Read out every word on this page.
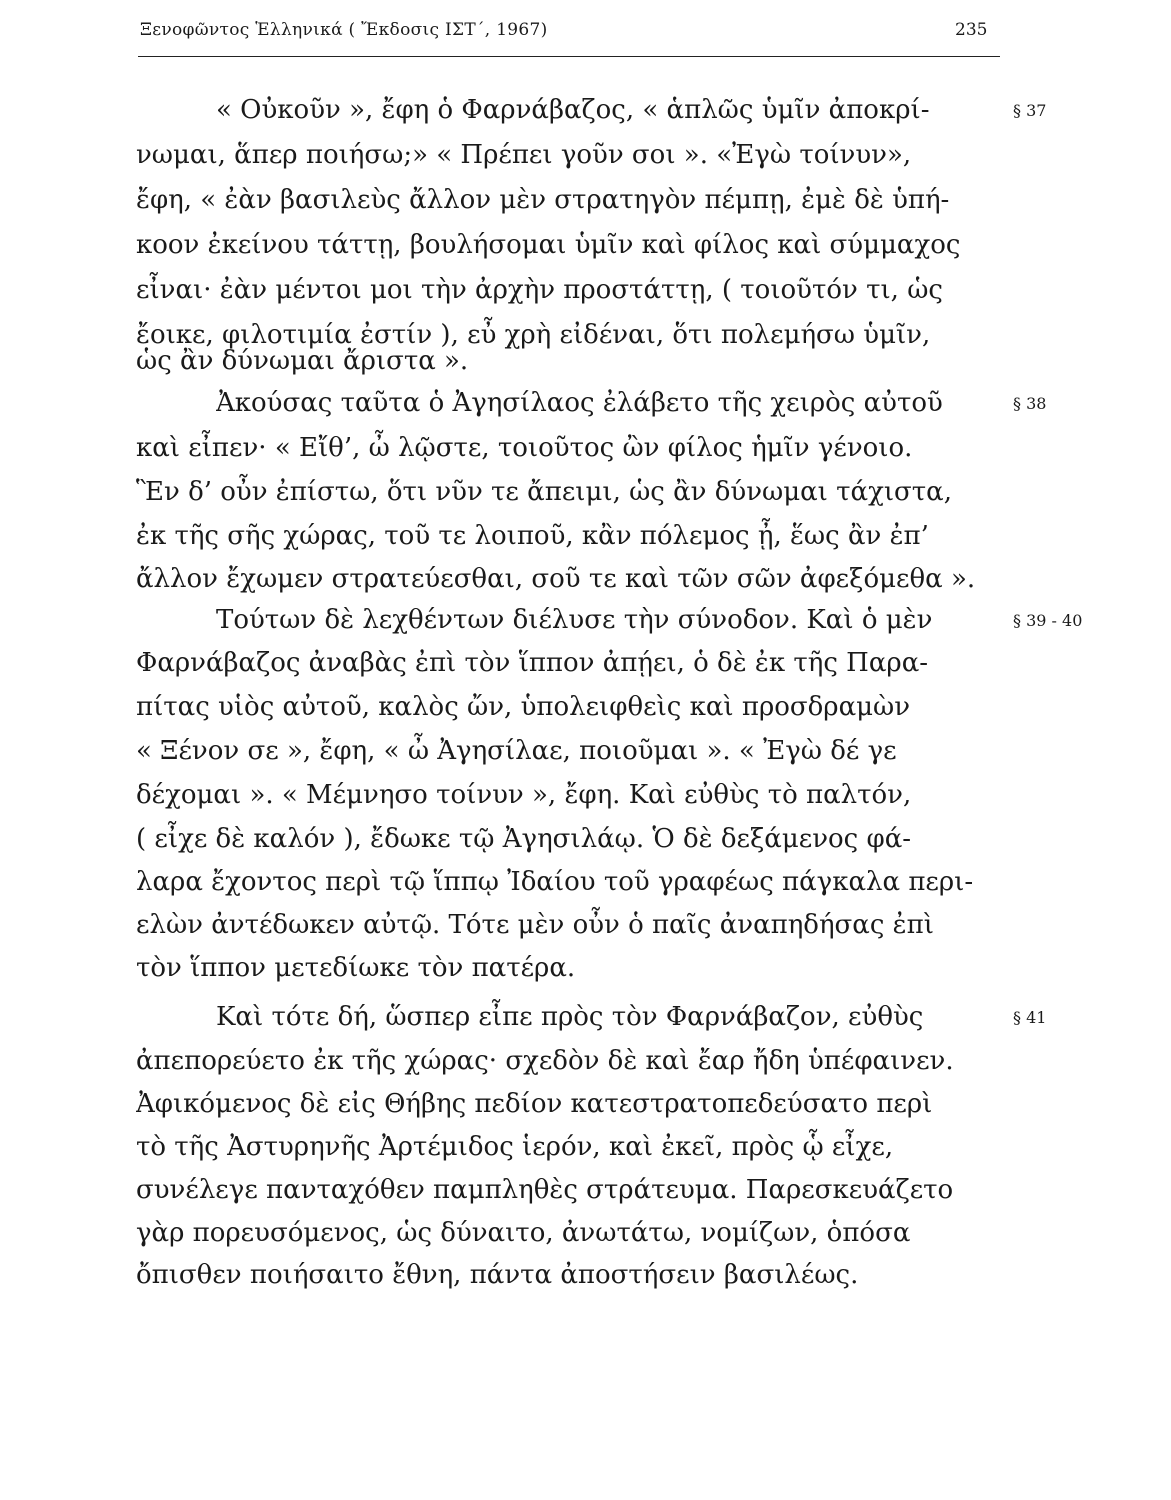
Ξενοφῶντος Ἑλληνικά ( Ἔκδοσις ΙΣΤ΄, 1967)	235
« Οὐκοῦν », ἔφη ὁ Φαρνάβαζος, « ἁπλῶς ὑμῖν ἀποκρί-
νωμαι, ἅπερ ποιήσω;» « Πρέπει γοῦν σοι ». «Ἐγὼ τοίνυν»,
ἔφη, « ἐὰν βασιλεὺς ἄλλον μὲν στρατηγὸν πέμπῃ, ἐμὲ δὲ ὑπή-
κοον ἐκείνου τάττῃ, βουλήσομαι ὑμῖν καὶ φίλος καὶ σύμμαχος
εἶναι· ἐὰν μέντοι μοι τὴν ἀρχὴν προστάττῃ, ( τοιοῦτόν τι, ὡς
ἔοικε, φιλοτιμία ἐστίν ), εὖ χρὴ εἰδέναι, ὅτι πολεμήσω ὑμῖν,
ὡς ἂν δύνωμαι ἄριστα ».
Ἀκούσας ταῦτα ὁ Ἀγησίλαος ἐλάβετο τῆς χειρὸς αὐτοῦ
καὶ εἶπεν· « Εἴθ’, ὦ λῷστε, τοιοῦτος ὢν φίλος ἡμῖν γένοιο.
Ἓν δ’ οὖν ἐπίστω, ὅτι νῦν τε ἄπειμι, ὡς ἂν δύνωμαι τάχιστα,
ἐκ τῆς σῆς χώρας, τοῦ τε λοιποῦ, κἂν πόλεμος ᾖ, ἕως ἂν ἐπ’
ἄλλον ἔχωμεν στρατεύεσθαι, σοῦ τε καὶ τῶν σῶν ἀφεξόμεθα ».
Τούτων δὲ λεχθέντων διέλυσε τὴν σύνοδον. Καὶ ὁ μὲν
Φαρνάβαζος ἀναβὰς ἐπὶ τὸν ἵππον ἀπῄει, ὁ δὲ ἐκ τῆς Παρα-
πίτας υἱὸς αὐτοῦ, καλὸς ὤν, ὑπολειφθεὶς καὶ προσδραμὼν
« Ξένον σε », ἔφη, « ὦ Ἀγησίλαε, ποιοῦμαι ». « Ἐγὼ δέ γε
δέχομαι ». « Μέμνησο τοίνυν », ἔφη. Καὶ εὐθὺς τὸ παλτόν,
( εἶχε δὲ καλόν ), ἔδωκε τῷ Ἀγησιλάῳ. Ὁ δὲ δεξάμενος φά-
λαρα ἔχοντος περὶ τῷ ἵππῳ Ἰδαίου τοῦ γραφέως πάγκαλα περι-
ελὼν ἀντέδωκεν αὐτῷ. Τότε μὲν οὖν ὁ παῖς ἀναπηδήσας ἐπὶ
τὸν ἵππον μετεδίωκε τὸν πατέρα.
Καὶ τότε δή, ὥσπερ εἶπε πρὸς τὸν Φαρνάβαζον, εὐθὺς
ἀπεπορεύετο ἐκ τῆς χώρας· σχεδὸν δὲ καὶ ἔαρ ἤδη ὑπέφαινεν.
Ἀφικόμενος δὲ εἰς Θήβης πεδίον κατεστρατοπεδεύσατο περὶ
τὸ τῆς Ἀστυρηνῆς Ἀρτέμιδος ἱερόν, καὶ ἐκεῖ, πρὸς ᾧ εἶχε,
συνέλεγε πανταχόθεν παμπληθὲς στράτευμα. Παρεσκευάζετο
γὰρ πορευσόμενος, ὡς δύναιτο, ἀνωτάτω, νομίζων, ὁπόσα
ὄπισθεν ποιήσαιτο ἔθνη, πάντα ἀποστήσειν βασιλέως.
§ 37
§ 38
§ 39 - 40
§ 41
